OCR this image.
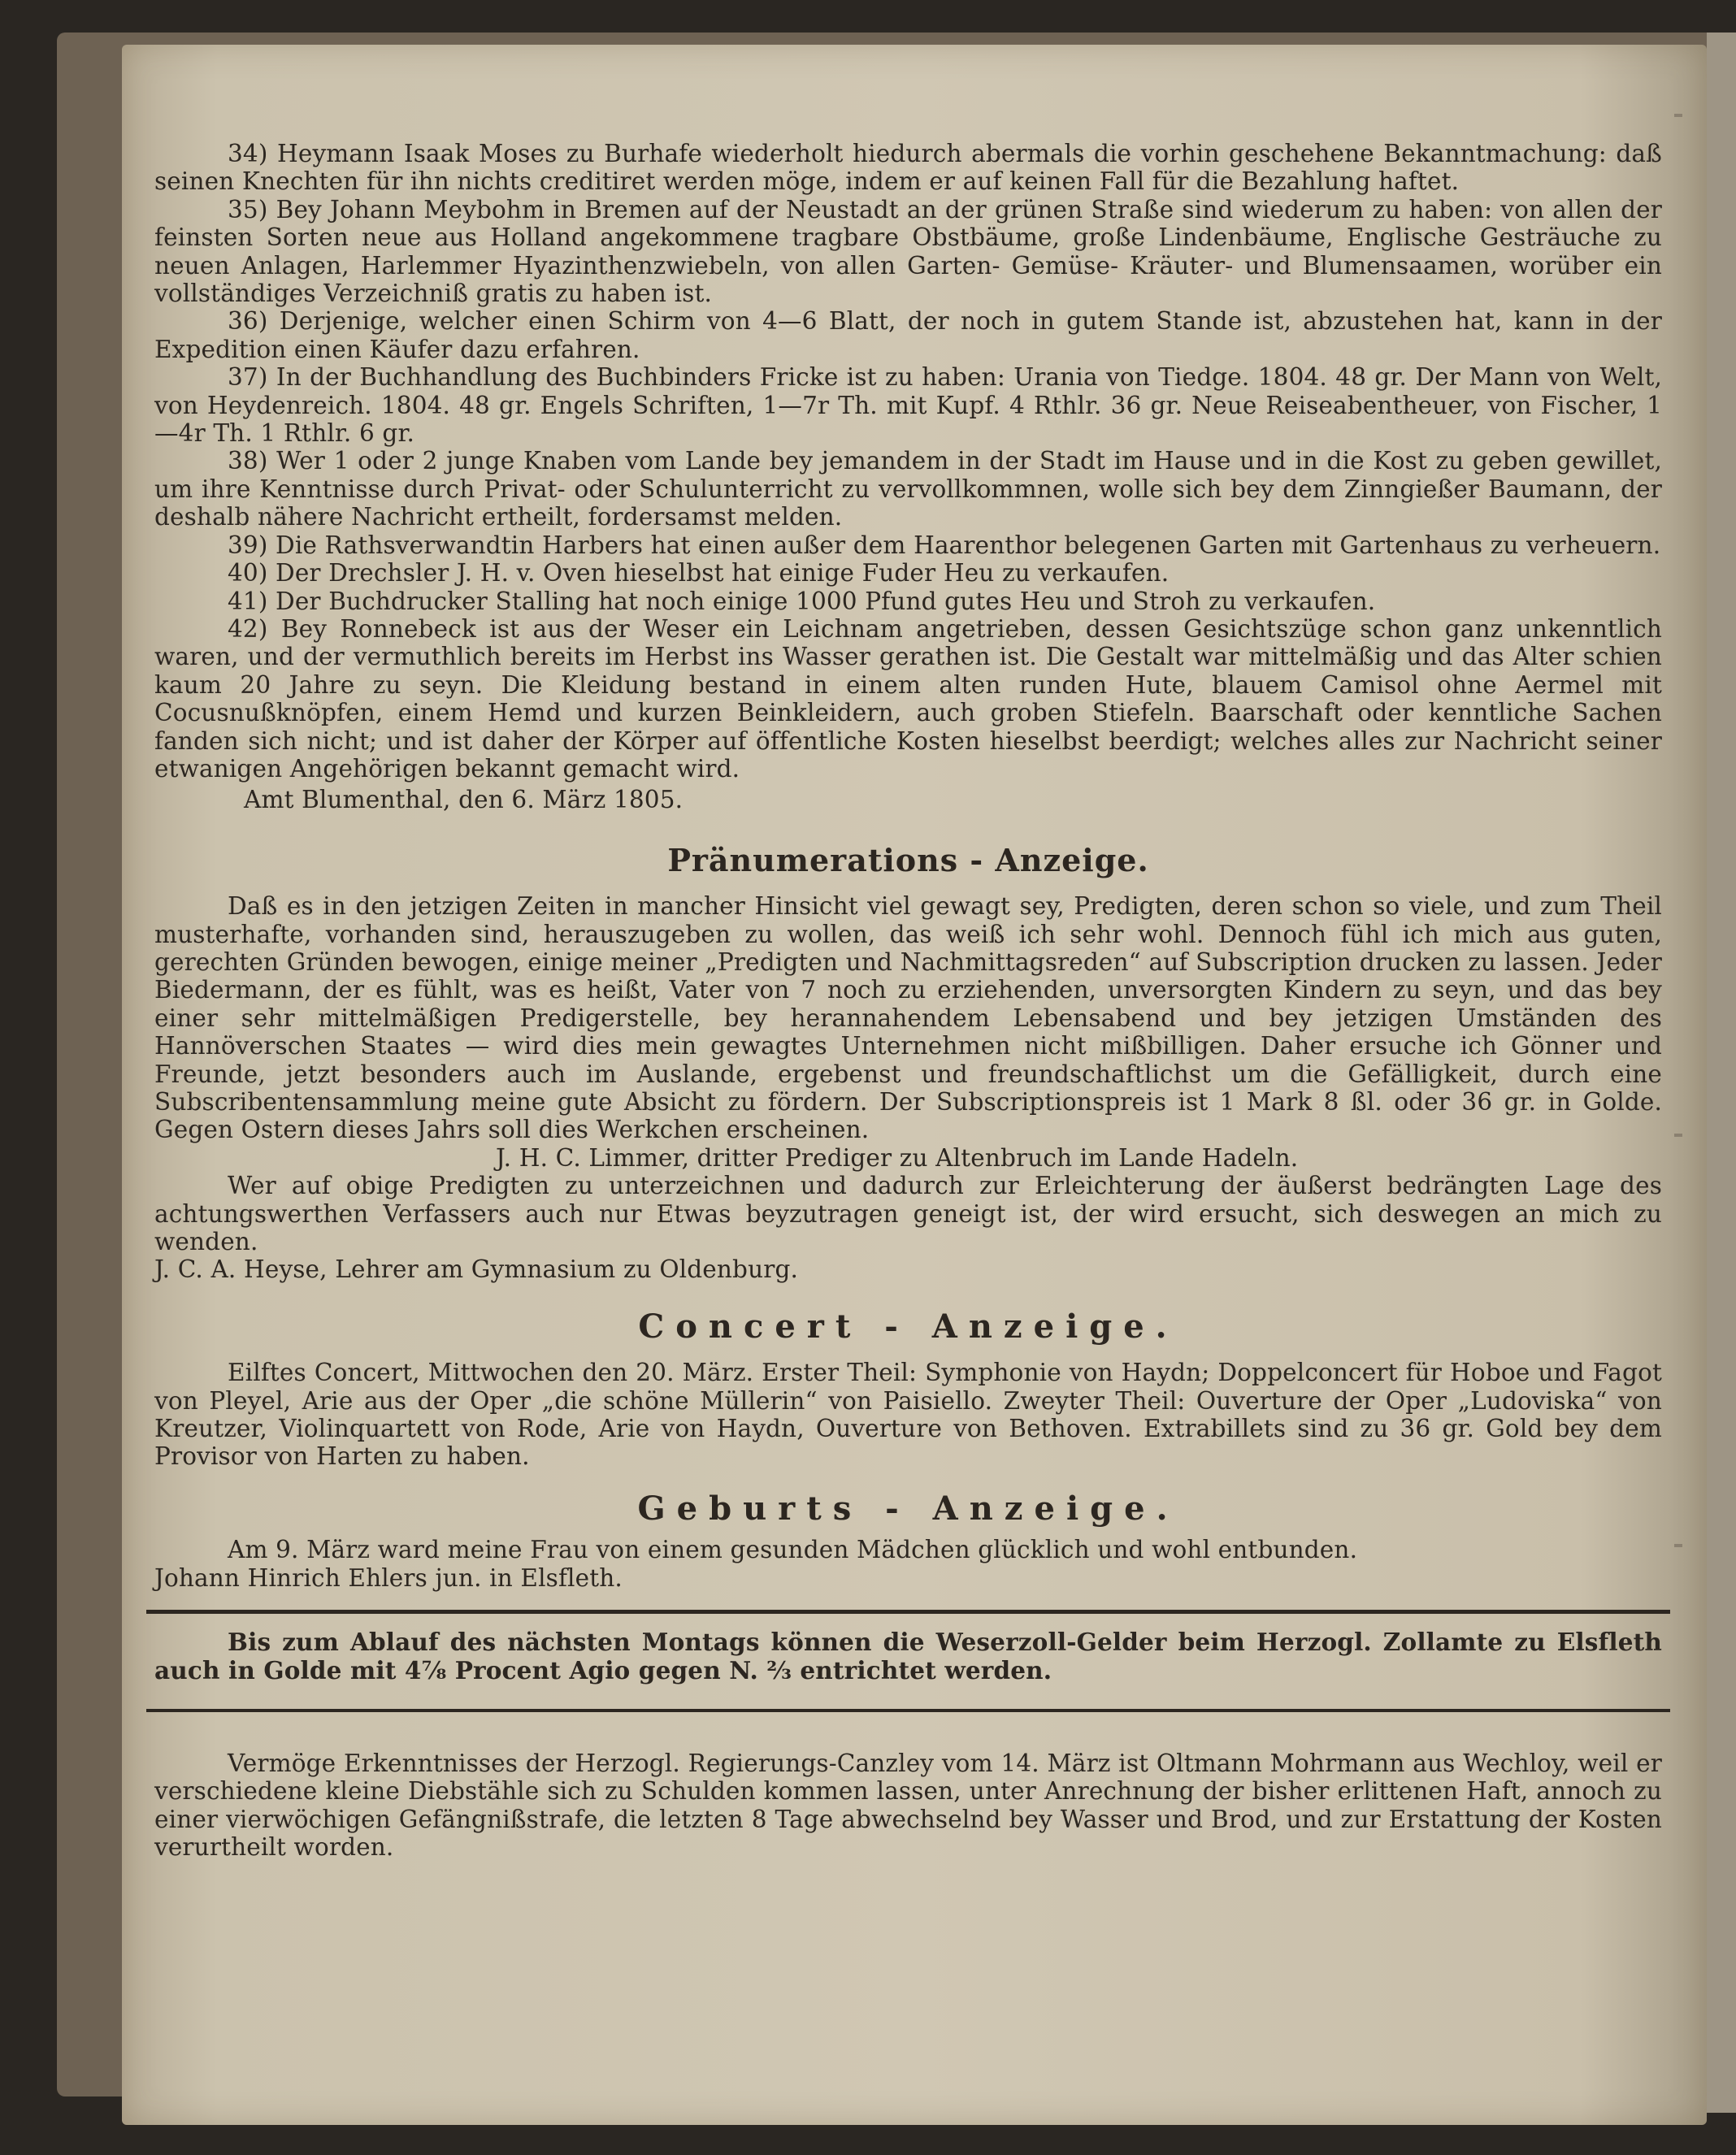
34) Heymann Isaak Moses zu Burhafe wiederholt hiedurch abermals die vorhin geschehene Bekanntmachung: daß seinen Knechten für ihn nichts creditiret werden möge, indem er auf keinen Fall für die Bezahlung haftet.

35) Bey Johann Meybohm in Bremen auf der Neustadt an der grünen Straße sind wiederum zu haben: von allen der feinsten Sorten neue aus Holland angekommene tragbare Obstbäume, große Lindenbäume, Englische Gesträuche zu neuen Anlagen, Harlemmer Hyazinthenzwiebeln, von allen Garten- Gemüse- Kräuter- und Blumensaamen, worüber ein vollständiges Verzeichniß gratis zu haben ist.

36) Derjenige, welcher einen Schirm von 4—6 Blatt, der noch in gutem Stande ist, abzustehen hat, kann in der Expedition einen Käufer dazu erfahren.

37) In der Buchhandlung des Buchbinders Fricke ist zu haben: Urania von Tiedge. 1804. 48 gr. Der Mann von Welt, von Heydenreich. 1804. 48 gr. Engels Schriften, 1—7r Th. mit Kupf. 4 Rthlr. 36 gr. Neue Reiseabentheuer, von Fischer, 1—4r Th. 1 Rthlr. 6 gr.

38) Wer 1 oder 2 junge Knaben vom Lande bey jemandem in der Stadt im Hause und in die Kost zu geben gewillet, um ihre Kenntnisse durch Privat- oder Schulunterricht zu vervollkommnen, wolle sich bey dem Zinngießer Baumann, der deshalb nähere Nachricht ertheilt, fordersamst melden.

39) Die Rathsverwandtin Harbers hat einen außer dem Haarenthor belegenen Garten mit Gartenhaus zu verheuern.

40) Der Drechsler J. H. v. Oven hieselbst hat einige Fuder Heu zu verkaufen.

41) Der Buchdrucker Stalling hat noch einige 1000 Pfund gutes Heu und Stroh zu verkaufen.

42) Bey Ronnebeck ist aus der Weser ein Leichnam angetrieben, dessen Gesichtszüge schon ganz unkenntlich waren, und der vermuthlich bereits im Herbst ins Wasser gerathen ist. Die Gestalt war mittelmäßig und das Alter schien kaum 20 Jahre zu seyn. Die Kleidung bestand in einem alten runden Hute, blauem Camisol ohne Aermel mit Cocusnußknöpfen, einem Hemd und kurzen Beinkleidern, auch groben Stiefeln. Baarschaft oder kenntliche Sachen fanden sich nicht; und ist daher der Körper auf öffentliche Kosten hieselbst beerdigt; welches alles zur Nachricht seiner etwanigen Angehörigen bekannt gemacht wird.

Amt Blumenthal, den 6. März 1805.

Pränumerations - Anzeige.

Daß es in den jetzigen Zeiten in mancher Hinsicht viel gewagt sey, Predigten, deren schon so viele, und zum Theil musterhafte, vorhanden sind, herauszugeben zu wollen, das weiß ich sehr wohl. Dennoch fühl ich mich aus guten, gerechten Gründen bewogen, einige meiner „Predigten und Nachmittagsreden“ auf Subscription drucken zu lassen. Jeder Biedermann, der es fühlt, was es heißt, Vater von 7 noch zu erziehenden, unversorgten Kindern zu seyn, und das bey einer sehr mittelmäßigen Predigerstelle, bey herannahendem Lebensabend und bey jetzigen Umständen des Hannöverschen Staates — wird dies mein gewagtes Unternehmen nicht mißbilligen. Daher ersuche ich Gönner und Freunde, jetzt besonders auch im Auslande, ergebenst und freundschaftlichst um die Gefälligkeit, durch eine Subscribentensammlung meine gute Absicht zu fördern. Der Subscriptionspreis ist 1 Mark 8 ßl. oder 36 gr. in Golde. Gegen Ostern dieses Jahrs soll dies Werkchen erscheinen.

J. H. C. Limmer, dritter Prediger zu Altenbruch im Lande Hadeln.

Wer auf obige Predigten zu unterzeichnen und dadurch zur Erleichterung der äußerst bedrängten Lage des achtungswerthen Verfassers auch nur Etwas beyzutragen geneigt ist, der wird ersucht, sich deswegen an mich zu wenden.

J. C. A. Heyse, Lehrer am Gymnasium zu Oldenburg.

Concert - Anzeige.

Eilftes Concert, Mittwochen den 20. März. Erster Theil: Symphonie von Haydn; Doppelconcert für Hoboe und Fagot von Pleyel, Arie aus der Oper „die schöne Müllerin“ von Paisiello. Zweyter Theil: Ouverture der Oper „Ludoviska“ von Kreutzer, Violinquartett von Rode, Arie von Haydn, Ouverture von Bethoven. Extrabillets sind zu 36 gr. Gold bey dem Provisor von Harten zu haben.

Geburts - Anzeige.

Am 9. März ward meine Frau von einem gesunden Mädchen glücklich und wohl entbunden.

Johann Hinrich Ehlers jun. in Elsfleth.

Bis zum Ablauf des nächsten Montags können die Weserzoll-Gelder beim Herzogl. Zollamte zu Elsfleth auch in Golde mit 4⅞ Procent Agio gegen N. ⅔ entrichtet werden.

Vermöge Erkenntnisses der Herzogl. Regierungs-Canzley vom 14. März ist Oltmann Mohrmann aus Wechloy, weil er verschiedene kleine Diebstähle sich zu Schulden kommen lassen, unter Anrechnung der bisher erlittenen Haft, annoch zu einer vierwöchigen Gefängnißstrafe, die letzten 8 Tage abwechselnd bey Wasser und Brod, und zur Erstattung der Kosten verurtheilt worden.
